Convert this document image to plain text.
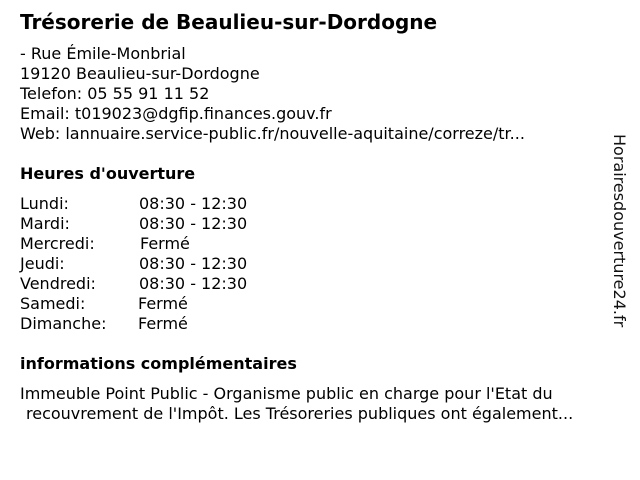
Trésorerie de Beaulieu-sur-Dordogne
- Rue Émile-Monbrial
19120 Beaulieu-sur-Dordogne
Telefon: 05 55 91 11 52
Email: t019023@dgfip.finances.gouv.fr
Web: lannuaire.service-public.fr/nouvelle-aquitaine/correze/tr...
Heures d'ouverture
Lundi:	08:30 - 12:30
Mardi:	08:30 - 12:30
Mercredi:	Fermé
Jeudi:	08:30 - 12:30
Vendredi:	08:30 - 12:30
Samedi:	Fermé
Dimanche: Fermé
informations complémentaires
Immeuble Point Public - Organisme public en charge pour l'Etat du
recouvrement de l'Impôt. Les Trésoreries publiques ont également...
Horairesdouverture24.fr
